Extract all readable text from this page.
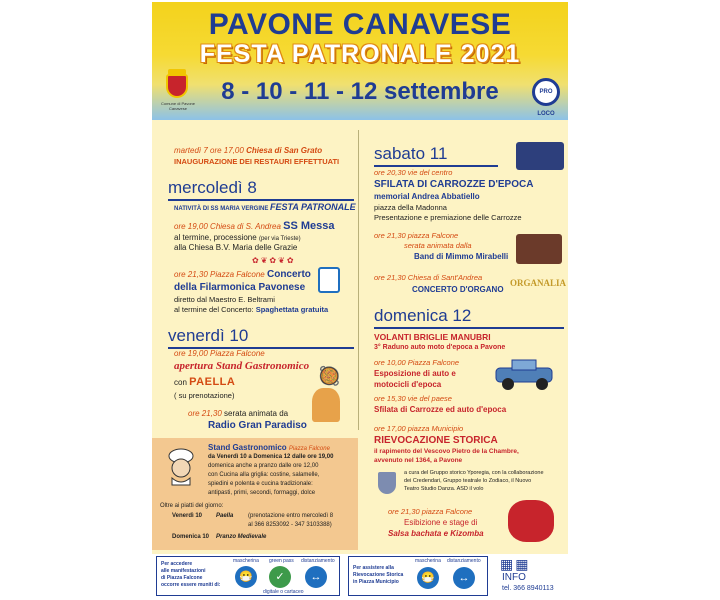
PAVONE CANAVESE
FESTA PATRONALE 2021
Comune di Pavone Canavese
8 - 10 - 11 - 12 settembre	PRO LOCO
martedì 7 ore 17,00 Chiesa di San Grato
INAUGURAZIONE DEI RESTAURI EFFETTUATI
mercoledì 8
NATIVITÀ DI SS MARIA VERGINE FESTA PATRONALE
ore 19,00 Chiesa di S. Andrea SS Messa
al termine, processione (per via Trieste)
alla Chiesa B.V. Maria delle Grazie
✿❦✿❦✿
ore 21,30 Piazza Falcone Concerto
della Filarmonica Pavonese
diretto dal Maestro E. Beltrami
al termine del Concerto: Spaghettata gratuita
venerdì 10
ore 19,00 Piazza Falcone
apertura Stand Gastronomico
con PAELLA
( su prenotazione)
ore 21,30 serata animata da
Radio Gran Paradiso
🥘
Stand Gastronomico Piazza Falcone
da Venerdì 10 a Domenica 12 dalle ore 19,00
domenica anche a pranzo dalle ore 12,00
con Cucina alla griglia: costine, salamelle,
spiedini e polenta e cucina tradizionale:
antipasti, primi, secondi, formaggi, dolce
Oltre ai piatti del giorno:
Venerdì 10 Paella (prenotazione entro mercoledì 8
al 366 8253092 - 347 3103388)
Domenica 10 Pranzo Medievale
sabato 11
ore 20,30 vie del centro
SFILATA DI CARROZZE D'EPOCA
memorial Andrea Abbatiello
piazza della Madonna
Presentazione e premiazione delle Carrozze
ore 21,30 piazza Falcone
serata animata dalla
Band di Mimmo Mirabelli
ore 21,30 Chiesa di Sant'Andrea
CONCERTO D'ORGANO
ORGANALIA
domenica 12
VOLANTI BRIGLIE MANUBRI
3° Raduno auto moto d'epoca a Pavone
ore 10,00 Piazza Falcone
Esposizione di auto e
motocicli d'epoca
ore 15,30 vie del paese
Sfilata di Carrozze ed auto d'epoca
ore 17,00 piazza Municipio
RIEVOCAZIONE STORICA
il rapimento del Vescovo Pietro de la Chambre,
avvenuto nel 1364, a Pavone
a cura del Gruppo storico Yporegia, con la collaborazione
dei Credendari, Gruppo teatrale lo Zodiaco, il Nuovo
Teatro Studio Danza. ASD il volo
ore 21,30 piazza Falcone
Esibizione e stage di
Salsa bachata e Kizomba
Per accedere
alle manifestazioni
di Piazza Falcone
occorre essere muniti di:
mascherina green pass distanziamento
😷	✓	↔
digitale o cartaceo
Per assistere alla
Rievocazione Storica
in Piazza Municipio
mascherina distanziamento
😷	↔
▦▦
INFO
tel. 366 8940113
